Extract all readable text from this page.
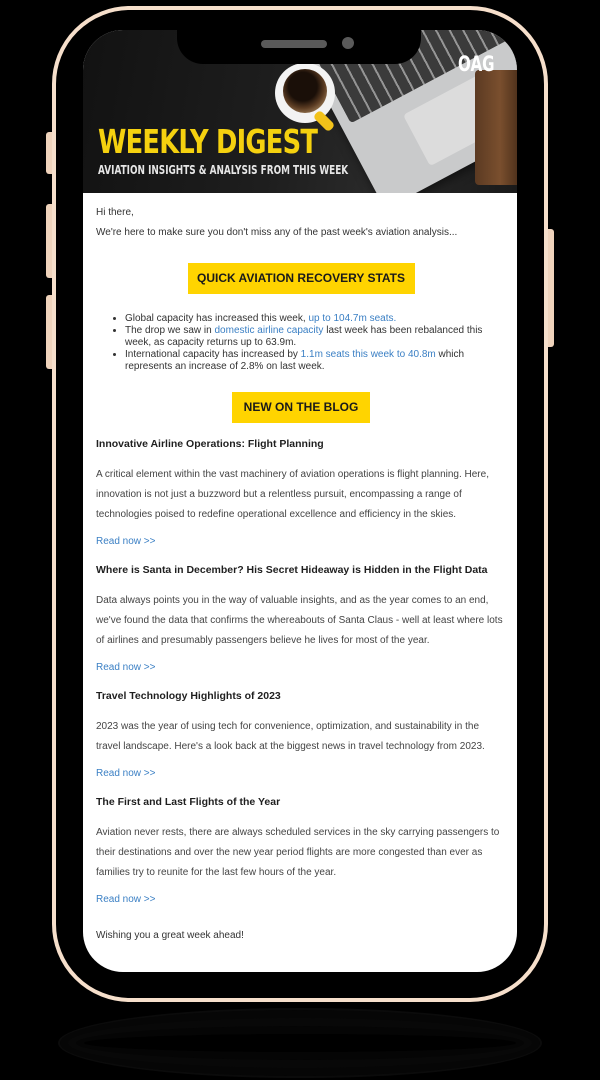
OAG
WEEKLY DIGEST
AVIATION INSIGHTS & ANALYSIS FROM THIS WEEK

Hi there,

We're here to make sure you don't miss any of the past week's aviation analysis...

QUICK AVIATION RECOVERY STATS
• Global capacity has increased this week, up to 104.7m seats.
• The drop we saw in domestic airline capacity last week has been rebalanced this week, as capacity returns up to 63.9m.
• International capacity has increased by 1.1m seats this week to 40.8m which represents an increase of 2.8% on last week.
NEW ON THE BLOG

Innovative Airline Operations: Flight Planning

A critical element within the vast machinery of aviation operations is flight planning. Here, innovation is not just a buzzword but a relentless pursuit, encompassing a range of technologies poised to redefine operational excellence and efficiency in the skies.

Read now >>

Where is Santa in December? His Secret Hideaway is Hidden in the Flight Data

Data always points you in the way of valuable insights, and as the year comes to an end, we've found the data that confirms the whereabouts of Santa Claus - well at least where lots of airlines and presumably passengers believe he lives for most of the year.

Read now >>

Travel Technology Highlights of 2023

2023 was the year of using tech for convenience, optimization, and sustainability in the travel landscape. Here's a look back at the biggest news in travel technology from 2023.

Read now >>

The First and Last Flights of the Year

Aviation never rests, there are always scheduled services in the sky carrying passengers to their destinations and over the new year period flights are more congested than ever as families try to reunite for the last few hours of the year.

Read now >>
Wishing you a great week ahead!
